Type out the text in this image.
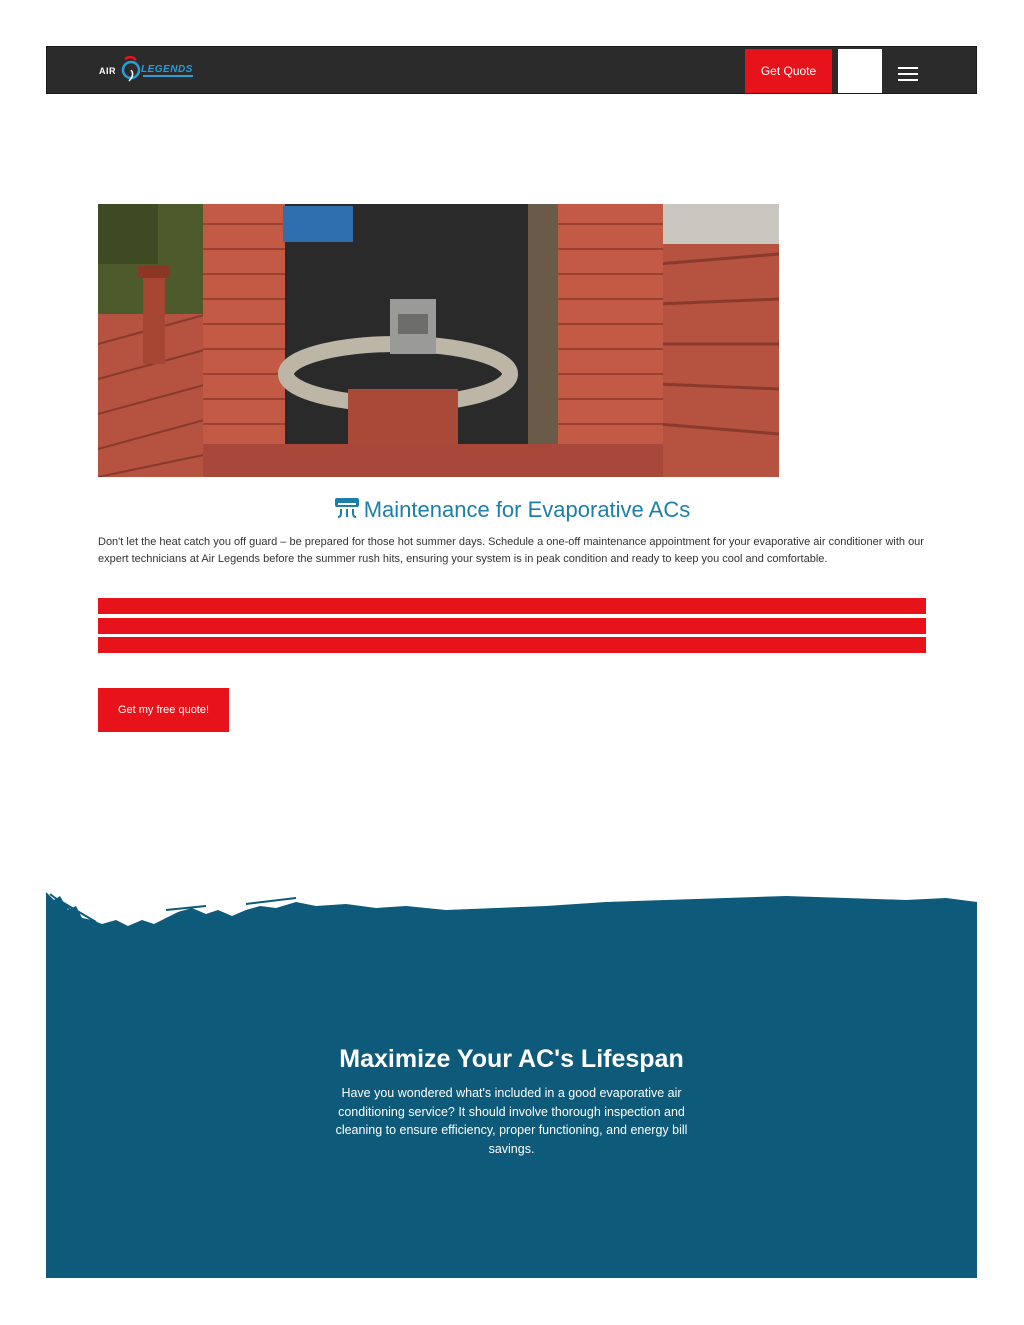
AIR	LEGENDS	Get Quote
Maintenance for Evaporative ACs

Don't let the heat catch you off guard – be prepared for those hot summer days. Schedule a one-off maintenance appointment for your evaporative air conditioner with our expert technicians at Air Legends before the summer rush hits, ensuring your system is in peak condition and ready to keep you cool and comfortable.

Get my free quote!
Maximize Your AC's Lifespan

Have you wondered what's included in a good evaporative air conditioning service? It should involve thorough inspection and cleaning to ensure efficiency, proper functioning, and energy bill savings.
